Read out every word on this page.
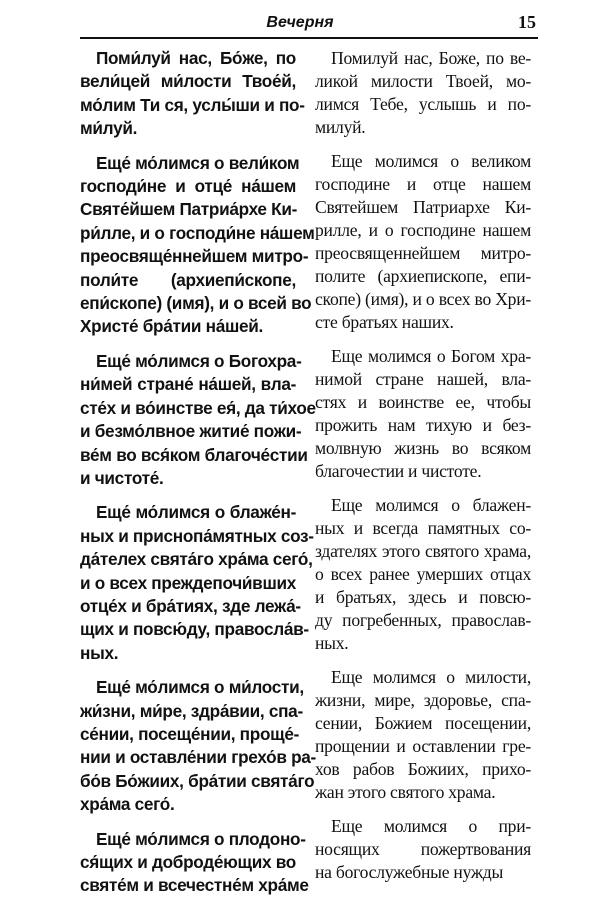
Вечерня	15
Поми́луй нас, Бо́же, по
вели́цей ми́лости Твое́й,
мо́лим Ти ся, услы́ши и по-
ми́луй.
Еще́ мо́лимся о вели́ком
господи́не и отце́ на́шем
Святе́йшем Патриа́рхе Ки-
ри́лле, и о господи́не на́шем
преосвяще́ннейшем митро-
поли́те (архиепи́скопе,
епи́скопе) (имя), и о всей во
Христе́ бра́тии на́шей.
Еще́ мо́лимся о Богохра-
ни́мей стране́ на́шей, вла-
сте́х и во́инстве ея́, да ти́хое
и безмо́лвное житие́ пожи-
ве́м во вся́ком благоче́стии
и чистоте́.
Еще́ мо́лимся о блаже́н-
ных и приснопа́мятных соз-
да́телех свята́го хра́ма сего́,
и о всех преждепочи́вших
отце́х и бра́тиях, зде лежа́-
щих и повсю́ду, правосла́в-
ных.
Еще́ мо́лимся о ми́лости,
жи́зни, ми́ре, здра́вии, спа-
се́нии, посеще́нии, проще́-
нии и оставле́нии грехо́в ра-
бо́в Бо́жиих, бра́тии свята́го
хра́ма сего́.
Еще́ мо́лимся о плодоно-
ся́щих и доброде́ющих во
святе́м и всечестне́м хра́ме
Помилуй нас, Боже, по ве-
ликой милости Твоей, мо-
лимся Тебе, услышь и по-
милуй.
Еще молимся о великом
господине и отце нашем
Святейшем Патриархе Ки-
рилле, и о господине нашем
преосвященнейшем митро-
полите (архиепископе, епи-
скопе) (имя), и о всех во Хри-
сте братьях наших.
Еще молимся о Богом хра-
нимой стране нашей, вла-
стях и воинстве ее, чтобы
прожить нам тихую и без-
молвную жизнь во всяком
благочестии и чистоте.
Еще молимся о блажен-
ных и всегда памятных со-
здателях этого святого храма,
о всех ранее умерших отцах
и братьях, здесь и повсю-
ду погребенных, православ-
ных.
Еще молимся о милости,
жизни, мире, здоровье, спа-
сении, Божием посещении,
прощении и оставлении гре-
хов рабов Божиих, прихо-
жан этого святого храма.
Еще молимся о при-
носящих пожертвования
на богослужебные нужды
